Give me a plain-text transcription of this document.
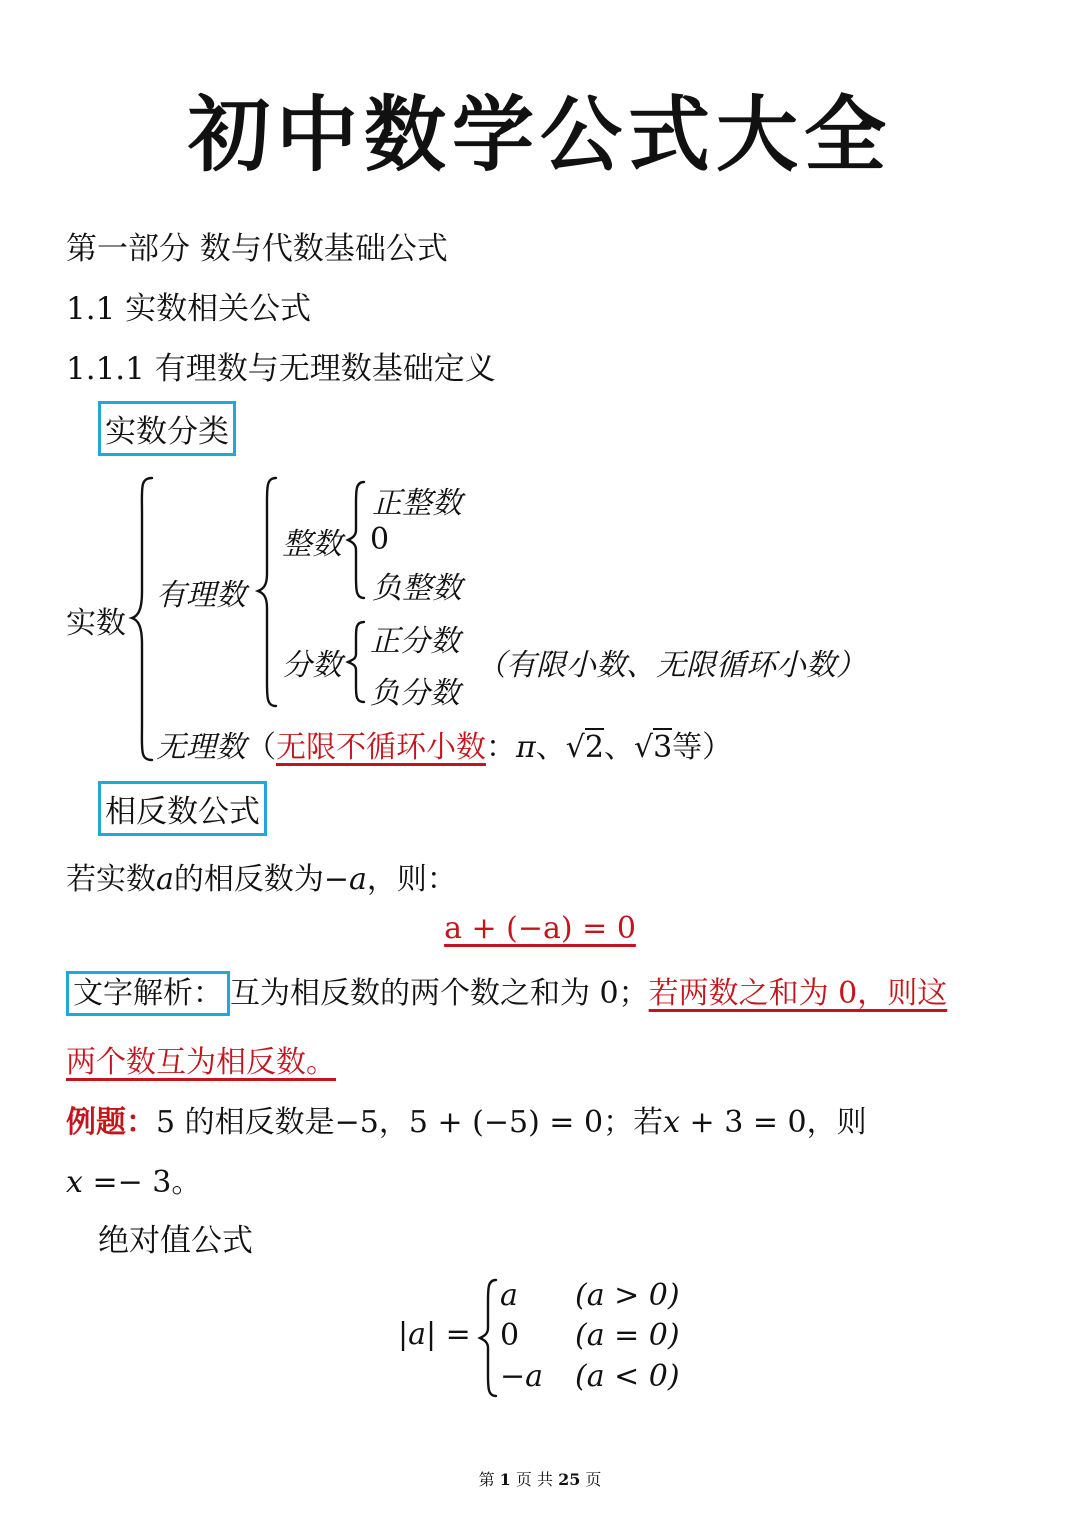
初中数学公式大全
第一部分 数与代数基础公式
1.1 实数相关公式
1.1.1 有理数与无理数基础定义
实数分类
实数
有理数
整数
正整数
0
负整数
分数
正分数
负分数
（有限小数、无限循环小数）
无理数（无限不循环小数：π、√2、√3等）
相反数公式
若实数a的相反数为−a，则：
a + (−a) = 0
文字解析： 互为相反数的两个数之和为 0；若两数之和为 0，则这
两个数互为相反数。
例题：5 的相反数是−5，5 + (−5) = 0；若x + 3 = 0，则
x =− 3。
绝对值公式
|a| =
a (a > 0)
0 (a = 0)
−a (a < 0)
第 1 页 共 25 页
